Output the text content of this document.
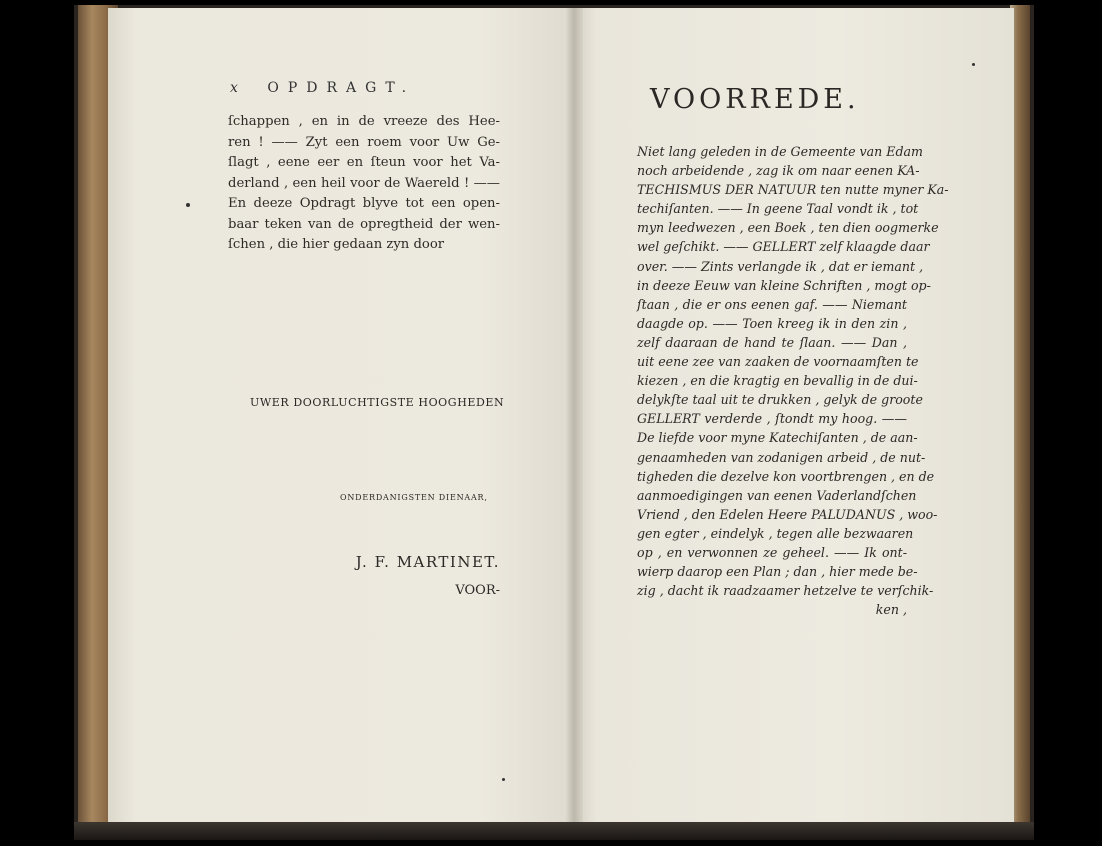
x OPDRAGT.
ſchappen , en in de vreeze des Hee-
ren ! —— Zyt een roem voor Uw Ge-
ſlagt , eene eer en ſteun voor het Va-
derland , een heil voor de Waereld ! ——
En deeze Opdragt blyve tot een open-
baar teken van de opregtheid der wen-
ſchen , die hier gedaan zyn door
UWER DOORLUCHTIGSTE HOOGHEDEN
ONDERDANIGSTEN DIENAAR,
J. F. MARTINET.
VOOR-
VOORREDE.
Niet lang geleden in de Gemeente van Edam
noch arbeidende , zag ik om naar eenen KA-
TECHISMUS DER NATUUR ten nutte myner Ka-
techiſanten. —— In geene Taal vondt ik , tot
myn leedwezen , een Boek , ten dien oogmerke
wel geſchikt. —— GELLERT zelf klaagde daar
over. —— Zints verlangde ik , dat er iemant ,
in deeze Eeuw van kleine Schriften , mogt op-
ſtaan , die er ons eenen gaf. —— Niemant
daagde op. —— Toen kreeg ik in den zin ,
zelf daaraan de hand te ſlaan. —— Dan ,
uit eene zee van zaaken de voornaamſten te
kiezen , en die kragtig en bevallig in de dui-
delykſte taal uit te drukken , gelyk de groote
GELLERT verderde , ſtondt my hoog. ——
De liefde voor myne Katechiſanten , de aan-
genaamheden van zodanigen arbeid , de nut-
tigheden die dezelve kon voortbrengen , en de
aanmoedigingen van eenen Vaderlandſchen
Vriend , den Edelen Heere PALUDANUS , woo-
gen egter , eindelyk , tegen alle bezwaaren
op , en verwonnen ze geheel. —— Ik ont-
wierp daarop een Plan ; dan , hier mede be-
zig , dacht ik raadzaamer hetzelve te verſchik-
ken ,
